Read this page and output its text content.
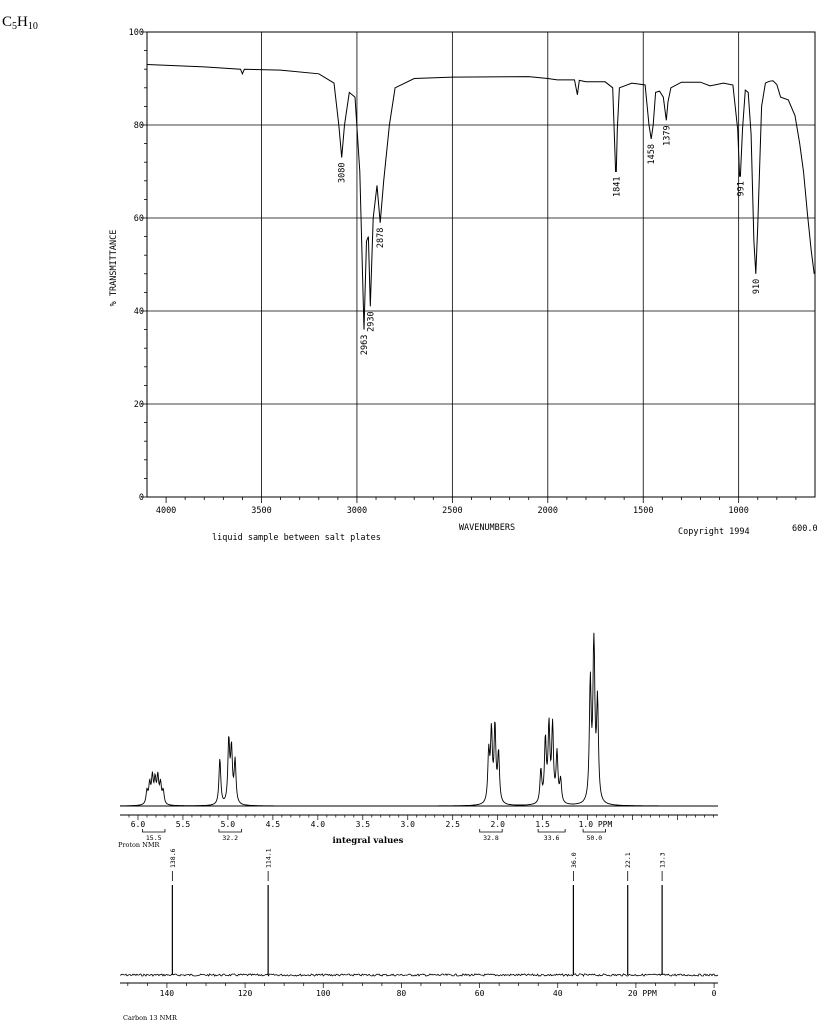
$C_5H_{10}$
0
20
40
60
80
100
4000	3500	3000	2500	2000	1500	1000
3080
2963
2930
2878
1841
1458
1379
991
910
% TRANSMITTANCE
WAVENUMBERS	600.0
liquid sample between salt plates
Copyright 1994
6.0	5.5	5.0	4.5	4.0	3.5	3.0	2.5	2.0	1.5	1.0 PPM
15.5	32.2	32.8	33.6	50.0
integral values
Proton NMR
140	120	100	80	60	40	20 PPM	0
138.6	114.1	36.0	22.1	13.3
Carbon 13 NMR
